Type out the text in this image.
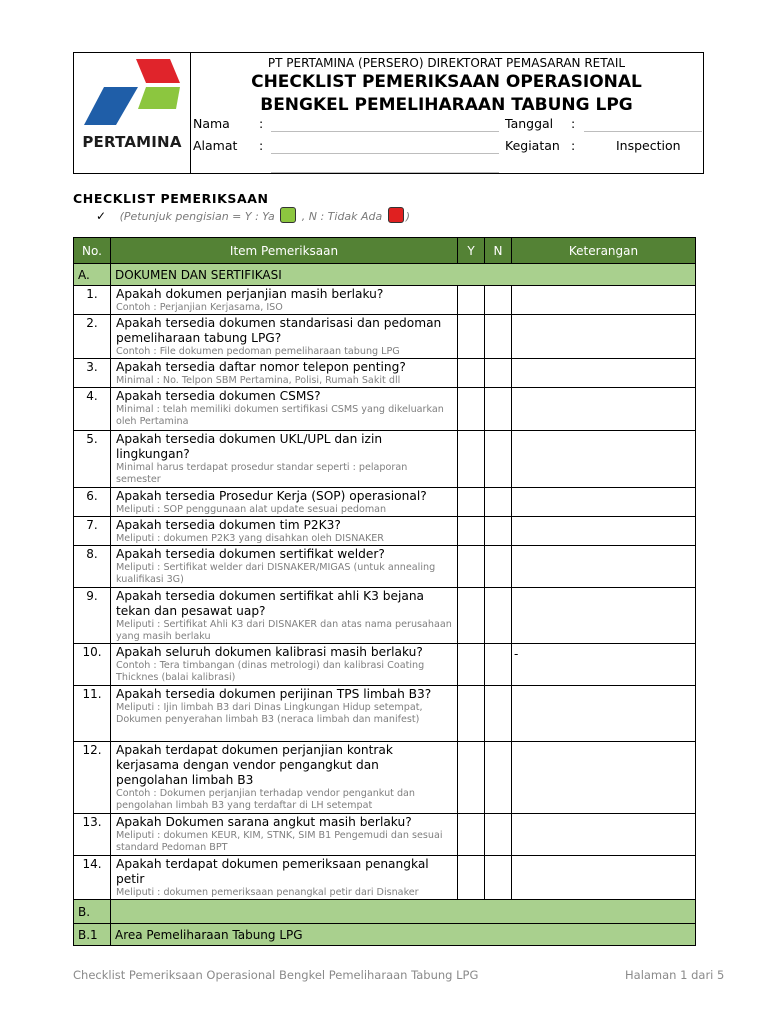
PERTAMINA
PT PERTAMINA (PERSERO) DIREKTORAT PEMASARAN RETAIL
CHECKLIST PEMERIKSAAN OPERASIONAL
BENGKEL PEMELIHARAAN TABUNG LPG
Nama :
Alamat :
Tanggal :
Kegiatan :	Inspection
CHECKLIST PEMERIKSAAN
✓ (Petunjuk pengisian = Y : Ya , N : Tidak Ada )
No.	Item Pemeriksaan	Y	N	Keterangan
A.	DOKUMEN DAN SERTIFIKASI			
1.	Apakah dokumen perjanjian masih berlaku?
Contoh : Perjanjian Kerjasama, ISO			

2.	Apakah tersedia dokumen standarisasi dan pedoman pemeliharaan tabung LPG?
Contoh : File dokumen pedoman pemeliharaan tabung LPG			

3.	Apakah tersedia daftar nomor telepon penting?
Minimal : No. Telpon SBM Pertamina, Polisi, Rumah Sakit dll			

4.	Apakah tersedia dokumen CSMS?
Minimal : telah memiliki dokumen sertifikasi CSMS yang dikeluarkan oleh Pertamina			

5.	Apakah tersedia dokumen UKL/UPL dan izin lingkungan?
Minimal harus terdapat prosedur standar seperti : pelaporan semester			

6.	Apakah tersedia Prosedur Kerja (SOP) operasional?
Meliputi : SOP penggunaan alat update sesuai pedoman			

7.	Apakah tersedia dokumen tim P2K3?
Meliputi : dokumen P2K3 yang disahkan oleh DISNAKER			

8.	Apakah tersedia dokumen sertifikat welder?
Meliputi : Sertifikat welder dari DISNAKER/MIGAS (untuk annealing kualifikasi 3G)			

9.	Apakah tersedia dokumen sertifikat ahli K3 bejana tekan dan pesawat uap?
Meliputi : Sertifikat Ahli K3 dari DISNAKER dan atas nama perusahaan yang masih berlaku			

10.	Apakah seluruh dokumen kalibrasi masih berlaku?
Contoh : Tera timbangan (dinas metrologi) dan kalibrasi Coating Thicknes (balai kalibrasi)			-
11.	Apakah tersedia dokumen perijinan TPS limbah B3?
Meliputi : Ijin limbah B3 dari Dinas Lingkungan Hidup setempat, Dokumen penyerahan limbah B3 (neraca limbah dan manifest)			

12.	Apakah terdapat dokumen perjanjian kontrak kerjasama dengan vendor pengangkut dan pengolahan limbah B3
Contoh : Dokumen perjanjian terhadap vendor pengankut dan pengolahan limbah B3 yang terdaftar di LH setempat			

13.	Apakah Dokumen sarana angkut masih berlaku?
Meliputi : dokumen KEUR, KIM, STNK, SIM B1 Pengemudi dan sesuai standard Pedoman BPT			

14.	Apakah terdapat dokumen pemeriksaan penangkal petir
Meliputi : dokumen pemeriksaan penangkal petir dari Disnaker			

B.				
B.1	Area Pemeliharaan Tabung LPG			
Checklist Pemeriksaan Operasional Bengkel Pemeliharaan Tabung LPG	Halaman 1 dari 5
